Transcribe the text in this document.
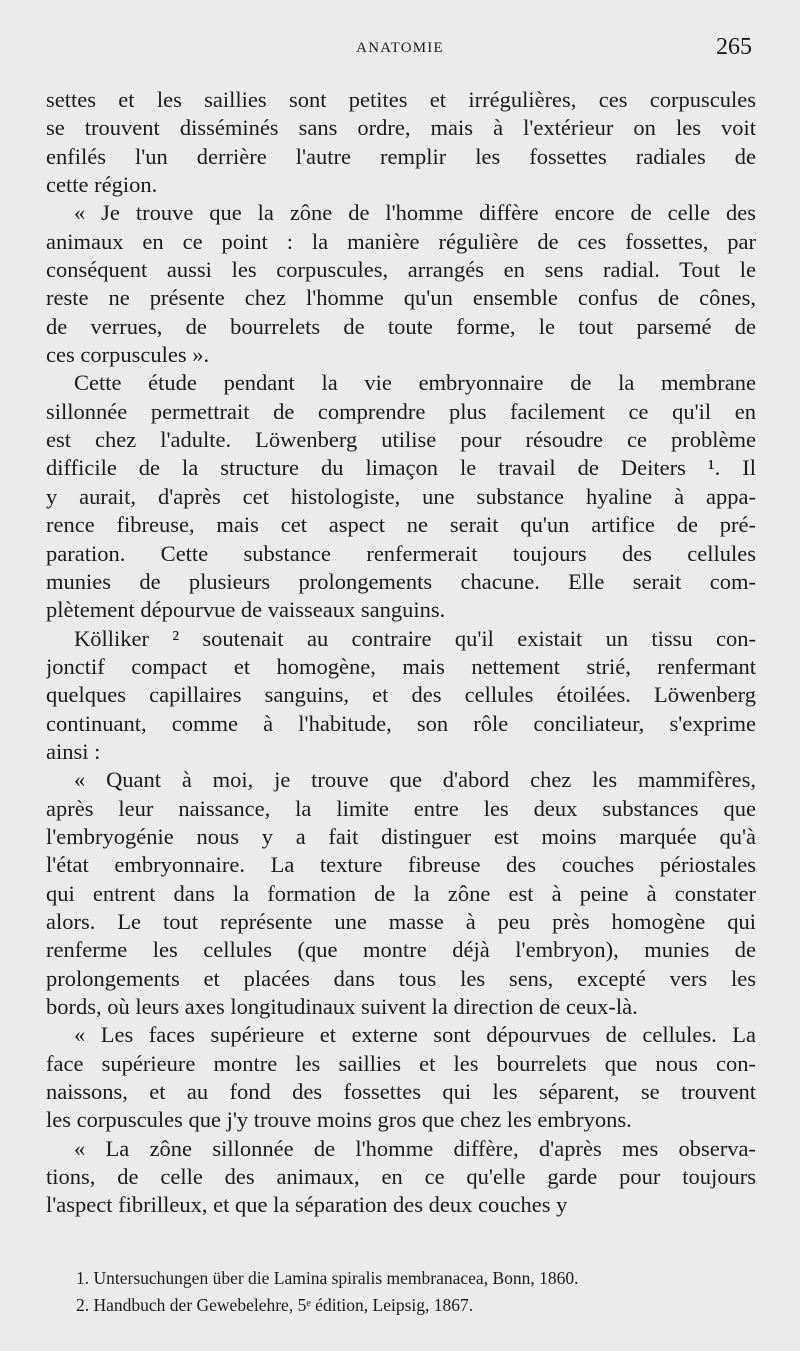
ANATOMIE	265
settes et les saillies sont petites et irrégulières, ces corpuscules
se trouvent disséminés sans ordre, mais à l'extérieur on les voit
enfilés l'un derrière l'autre remplir les fossettes radiales de
cette région.
« Je trouve que la zône de l'homme diffère encore de celle des
animaux en ce point : la manière régulière de ces fossettes, par
conséquent aussi les corpuscules, arrangés en sens radial. Tout le
reste ne présente chez l'homme qu'un ensemble confus de cônes,
de verrues, de bourrelets de toute forme, le tout parsemé de
ces corpuscules ».
Cette étude pendant la vie embryonnaire de la membrane
sillonnée permettrait de comprendre plus facilement ce qu'il en
est chez l'adulte. Löwenberg utilise pour résoudre ce problème
difficile de la structure du limaçon le travail de Deiters ¹. Il
y aurait, d'après cet histologiste, une substance hyaline à appa-
rence fibreuse, mais cet aspect ne serait qu'un artifice de pré-
paration. Cette substance renfermerait toujours des cellules
munies de plusieurs prolongements chacune. Elle serait com-
plètement dépourvue de vaisseaux sanguins.
Kölliker ² soutenait au contraire qu'il existait un tissu con-
jonctif compact et homogène, mais nettement strié, renfermant
quelques capillaires sanguins, et des cellules étoilées. Löwenberg
continuant, comme à l'habitude, son rôle conciliateur, s'exprime
ainsi :
« Quant à moi, je trouve que d'abord chez les mammifères,
après leur naissance, la limite entre les deux substances que
l'embryogénie nous y a fait distinguer est moins marquée qu'à
l'état embryonnaire. La texture fibreuse des couches périostales
qui entrent dans la formation de la zône est à peine à constater
alors. Le tout représente une masse à peu près homogène qui
renferme les cellules (que montre déjà l'embryon), munies de
prolongements et placées dans tous les sens, excepté vers les
bords, où leurs axes longitudinaux suivent la direction de ceux-là.
« Les faces supérieure et externe sont dépourvues de cellules. La
face supérieure montre les saillies et les bourrelets que nous con-
naissons, et au fond des fossettes qui les séparent, se trouvent
les corpuscules que j'y trouve moins gros que chez les embryons.
« La zône sillonnée de l'homme diffère, d'après mes observa-
tions, de celle des animaux, en ce qu'elle garde pour toujours
l'aspect fibrilleux, et que la séparation des deux couches y
1. Untersuchungen über die Lamina spiralis membranacea, Bonn, 1860.
2. Handbuch der Gewebelehre, 5ᵉ édition, Leipsig, 1867.
